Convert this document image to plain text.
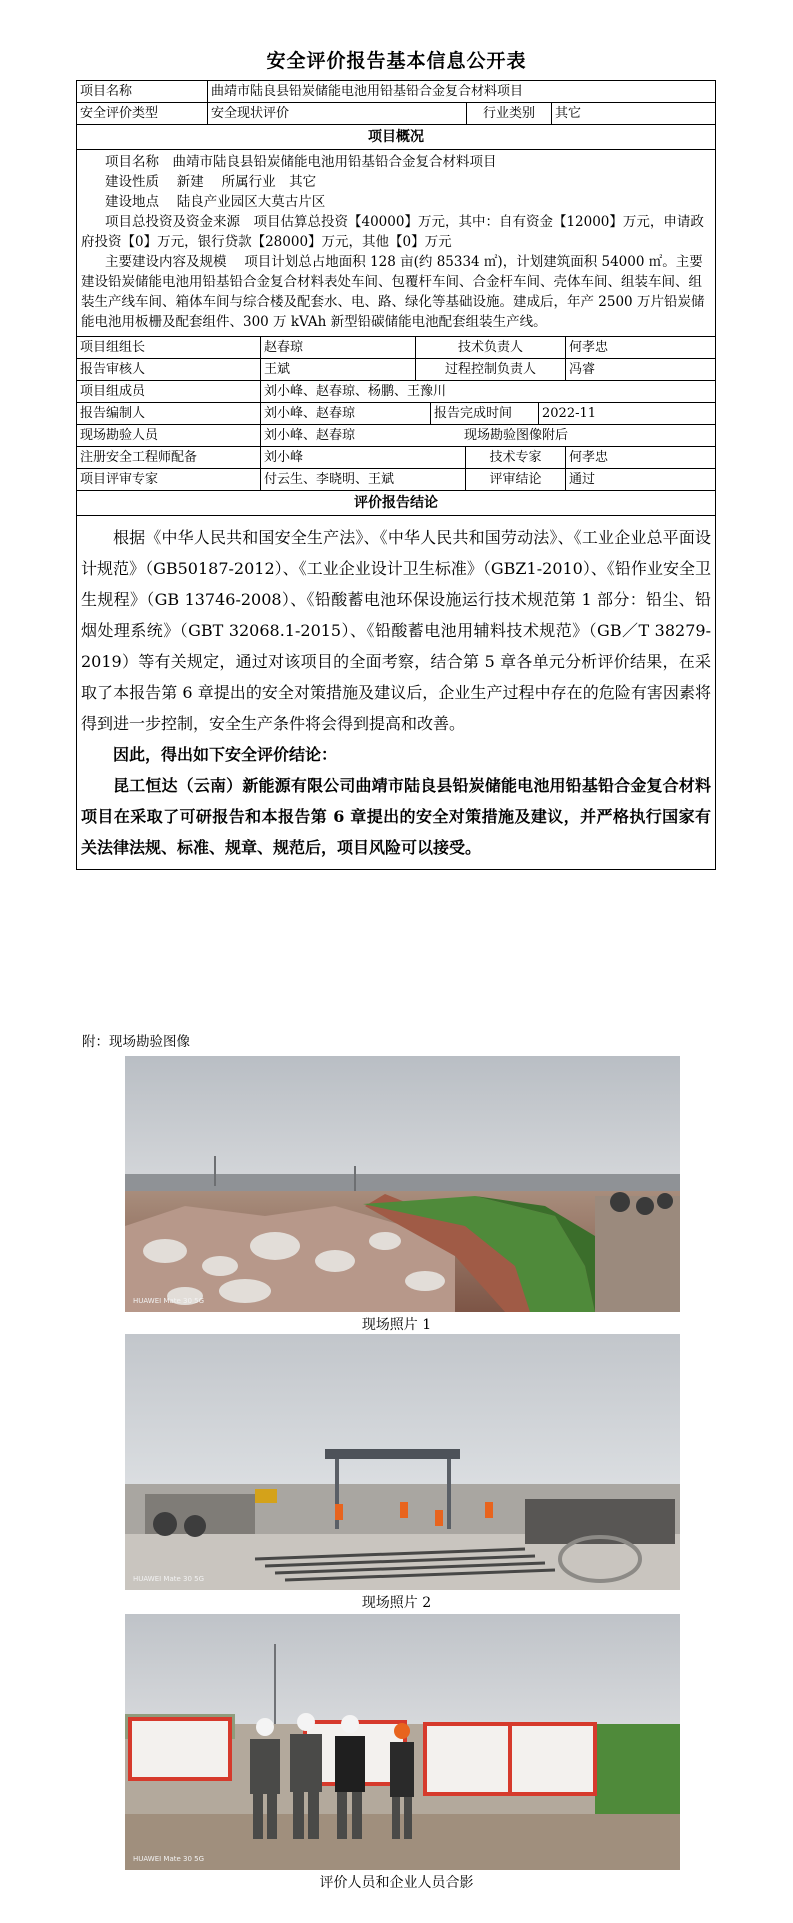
安全评价报告基本信息公开表
项目名称	曲靖市陆良县铅炭储能电池用铅基铅合金复合材料项目
安全评价类型	安全现状评价	行业类别	其它
项目概况

项目名称　曲靖市陆良县铅炭储能电池用铅基铅合金复合材料项目

建设性质　 新建　 所属行业　其它

建设地点　 陆良产业园区大莫古片区

项目总投资及资金来源　项目估算总投资【40000】万元，其中：自有资金【12000】万元，申请政府投资【0】万元，银行贷款【28000】万元，其他【0】万元

主要建设内容及规模　 项目计划总占地面积 128 亩(约 85334 ㎡)，计划建筑面积 54000 ㎡。主要建设铅炭储能电池用铅基铅合金复合材料表处车间、包覆杆车间、合金杆车间、壳体车间、组装车间、组装生产线车间、箱体车间与综合楼及配套水、电、路、绿化等基础设施。建成后，年产 2500 万片铅炭储能电池用板栅及配套组件、300 万 kVAh 新型铅碳储能电池配套组装生产线。

项目组组长	赵春琼	技术负责人	何孝忠
报告审核人	王斌	过程控制负责人	冯睿
项目组成员	刘小峰、赵春琼、杨鹏、王豫川
报告编制人	刘小峰、赵春琼	报告完成时间	2022-11
现场勘验人员	刘小峰、赵春琼	现场勘验图像附后
注册安全工程师配备	刘小峰	技术专家	何孝忠
项目评审专家	付云生、李晓明、王斌	评审结论	通过
评价报告结论

根据《中华人民共和国安全生产法》、《中华人民共和国劳动法》、《工业企业总平面设计规范》（GB50187-2012）、《工业企业设计卫生标准》（GBZ1-2010）、《铅作业安全卫生规程》（GB 13746-2008）、《铅酸蓄电池环保设施运行技术规范第 1 部分：铅尘、铅烟处理系统》（GBT 32068.1-2015）、《铅酸蓄电池用辅料技术规范》（GB／T 38279-2019）等有关规定，通过对该项目的全面考察，结合第 5 章各单元分析评价结果，在采取了本报告第 6 章提出的安全对策措施及建议后，企业生产过程中存在的危险有害因素将得到进一步控制，安全生产条件将会得到提高和改善。

因此，得出如下安全评价结论：

昆工恒达（云南）新能源有限公司曲靖市陆良县铅炭储能电池用铅基铅合金复合材料项目在采取了可研报告和本报告第 6 章提出的安全对策措施及建议，并严格执行国家有关法律法规、标准、规章、规范后，项目风险可以接受。

附：现场勘验图像
HUAWEI Mate 30 5G
现场照片 1
HUAWEI Mate 30 5G
现场照片 2
HUAWEI Mate 30 5G
评价人员和企业人员合影
